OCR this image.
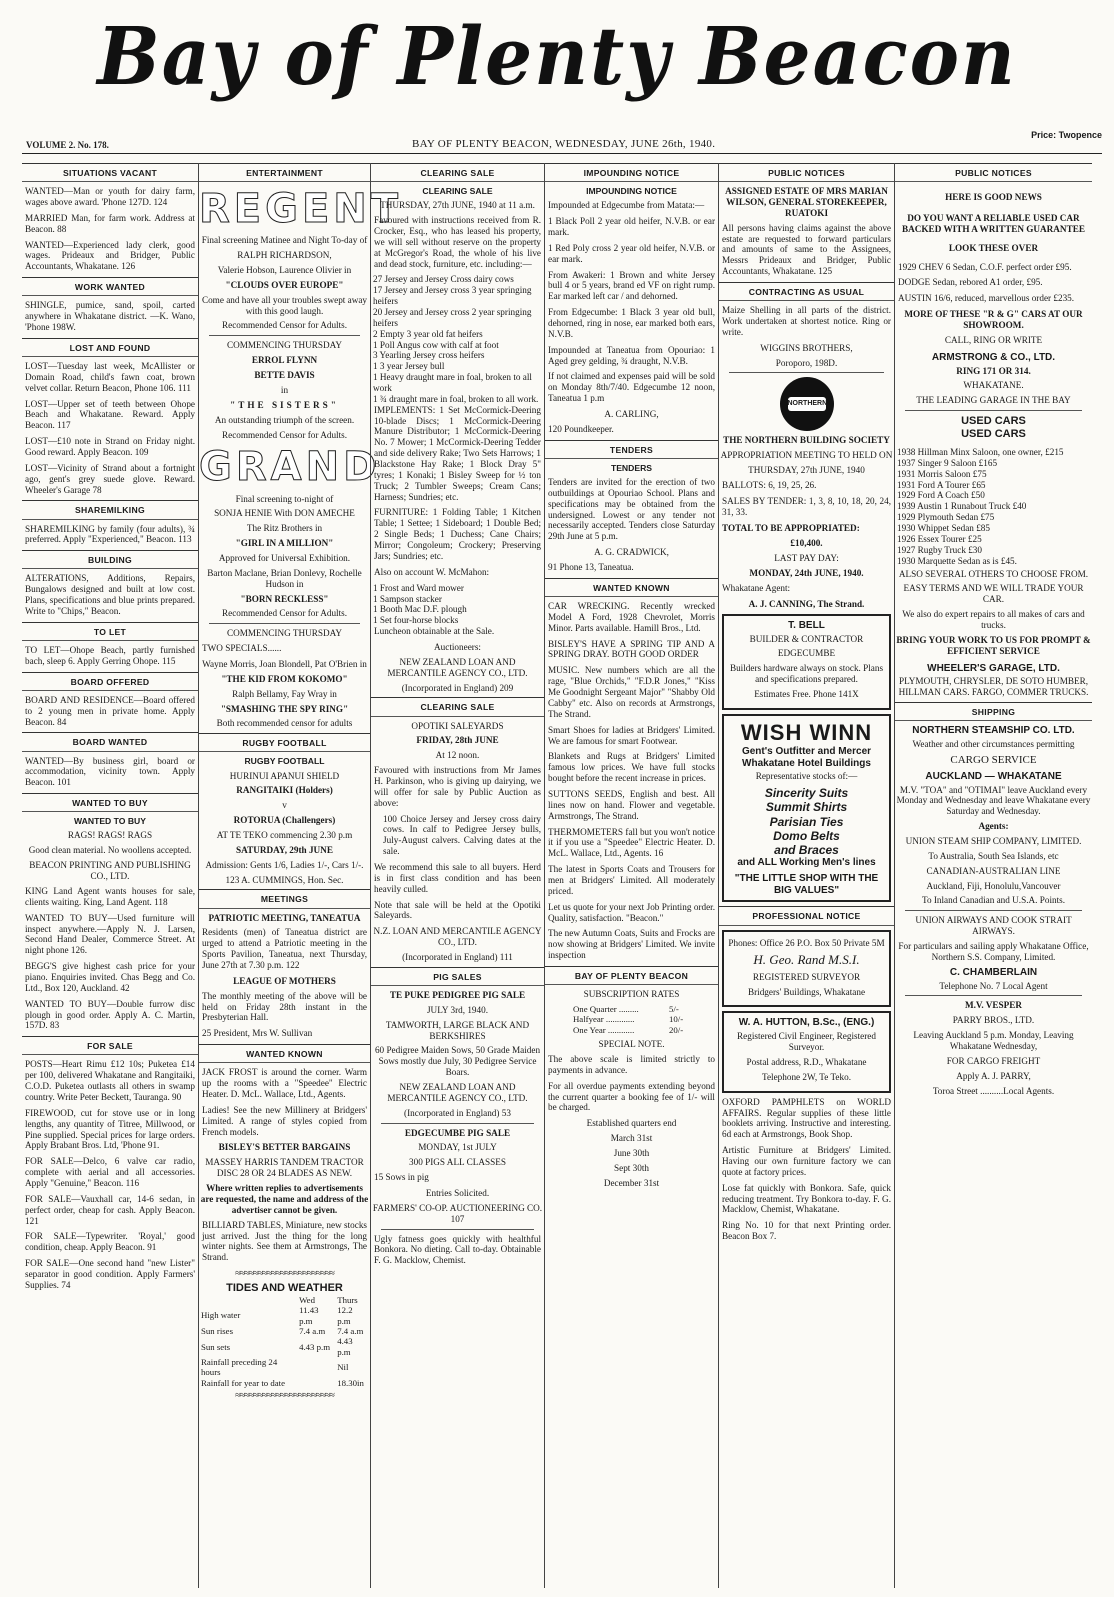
Bay of Plenty Beacon
VOLUME 2. No. 178.	BAY OF PLENTY BEACON, WEDNESDAY, JUNE 26th, 1940.
Price: Twopence
SITUATIONS VACANT
WANTED—Man or youth for dairy farm, wages above award. 'Phone 127D. 124
MARRIED Man, for farm work. Address at Beacon. 88
WANTED—Experienced lady clerk, good wages. Prideaux and Bridger, Public Accountants, Whakatane. 126
WORK WANTED
SHINGLE, pumice, sand, spoil, carted anywhere in Whakatane district. —K. Wano, 'Phone 198W.
LOST AND FOUND
LOST—Tuesday last week, McAllister or Domain Road, child's fawn coat, brown velvet collar. Return Beacon, Phone 106. 111
LOST—Upper set of teeth between Ohope Beach and Whakatane. Reward. Apply Beacon. 117
LOST—£10 note in Strand on Friday night. Good reward. Apply Beacon. 109
LOST—Vicinity of Strand about a fortnight ago, gent's grey suede glove. Reward. Wheeler's Garage 78
SHAREMILKING
SHAREMILKING by family (four adults), ¾ preferred. Apply "Experienced," Beacon. 113
BUILDING
ALTERATIONS, Additions, Repairs, Bungalows designed and built at low cost. Plans, specifications and blue prints prepared. Write to "Chips," Beacon.
TO LET
TO LET—Ohope Beach, partly furnished bach, sleep 6. Apply Gerring Ohope. 115
BOARD OFFERED
BOARD AND RESIDENCE—Board offered to 2 young men in private home. Apply Beacon. 84
BOARD WANTED
WANTED—By business girl, board or accommodation, vicinity town. Apply Beacon. 101
WANTED TO BUY
WANTED TO BUY
RAGS! RAGS! RAGS
Good clean material. No woollens accepted.
BEACON PRINTING AND PUBLISHING CO., LTD.
KING Land Agent wants houses for sale, clients waiting. King, Land Agent. 118
WANTED TO BUY—Used furniture will inspect anywhere.—Apply N. J. Larsen, Second Hand Dealer, Commerce Street. At night phone 126.
BEGG'S give highest cash price for your piano. Enquiries invited. Chas Begg and Co. Ltd., Box 120, Auckland. 42
WANTED TO BUY—Double furrow disc plough in good order. Apply A. C. Martin, 157D. 83
FOR SALE
POSTS—Heart Rimu £12 10s; Puketea £14 per 100, delivered Whakatane and Rangitaiki, C.O.D. Puketea outlasts all others in swamp country. Write Peter Beckett, Tauranga. 90
FIREWOOD, cut for stove use or in long lengths, any quantity of Titree, Millwood, or Pine supplied. Special prices for large orders. Apply Brabant Bros. Ltd, 'Phone 91.
FOR SALE—Delco, 6 valve car radio, complete with aerial and all accessories. Apply "Genuine," Beacon. 116
FOR SALE—Vauxhall car, 14-6 sedan, in perfect order, cheap for cash. Apply Beacon. 121
FOR SALE—Typewriter. 'Royal,' good condition, cheap. Apply Beacon. 91
FOR SALE—One second hand "new Lister" separator in good condition. Apply Farmers' Supplies. 74
ENTERTAINMENT
REGENT
Final screening Matinee and Night To-day of
RALPH RICHARDSON,
Valerie Hobson, Laurence Olivier in
"CLOUDS OVER EUROPE"
Come and have all your troubles swept away with this good laugh.
Recommended Censor for Adults.
COMMENCING THURSDAY
ERROL FLYNN
BETTE DAVIS
in
"THE SISTERS"
An outstanding triumph of the screen.
Recommended Censor for Adults.
GRAND
Final screening to-night of
SONJA HENIE With DON AMECHE
The Ritz Brothers in
"GIRL IN A MILLION"
Approved for Universal Exhibition.
Barton Maclane, Brian Donlevy, Rochelle Hudson in
"BORN RECKLESS"
Recommended Censor for Adults.
COMMENCING THURSDAY
TWO SPECIALS......
Wayne Morris, Joan Blondell, Pat O'Brien in
"THE KID FROM KOKOMO"
Ralph Bellamy, Fay Wray in
"SMASHING THE SPY RING"
Both recommended censor for adults
RUGBY FOOTBALL
RUGBY FOOTBALL
HURINUI APANUI SHIELD
RANGITAIKI (Holders)
v
ROTORUA (Challengers)
AT TE TEKO commencing 2.30 p.m
SATURDAY, 29th JUNE
Admission: Gents 1/6, Ladies 1/-, Cars 1/-.
123 A. CUMMINGS, Hon. Sec.
MEETINGS
PATRIOTIC MEETING, TANEATUA
Residents (men) of Taneatua district are urged to attend a Patriotic meeting in the Sports Pavilion, Taneatua, next Thursday, June 27th at 7.30 p.m. 122
LEAGUE OF MOTHERS
The monthly meeting of the above will be held on Friday 28th instant in the Presbyterian Hall.
25 President, Mrs W. Sullivan
WANTED KNOWN
JACK FROST is around the corner. Warm up the rooms with a "Speedee" Electric Heater. D. McL. Wallace, Ltd., Agents.
Ladies! See the new Millinery at Bridgers' Limited. A range of styles copied from French models.
BISLEY'S BETTER BARGAINS
MASSEY HARRIS TANDEM TRACTOR DISC 28 OR 24 BLADES AS NEW.
Where written replies to advertisements are requested, the name and address of the advertiser cannot be given.
BILLIARD TABLES, Miniature, new stocks just arrived. Just the thing for the long winter nights. See them at Armstrongs, The Strand.
≈≈≈≈≈≈≈≈≈≈≈≈≈≈≈≈≈≈≈≈≈≈
TIDES AND WEATHER
	Wed	Thurs
High water	11.43 p.m	12.2 p.m
Sun rises	7.4 a.m	7.4 a.m
Sun sets	4.43 p.m	4.43 p.m
Rainfall preceding 24 hours		Nil
Rainfall for year to date		18.30in
≈≈≈≈≈≈≈≈≈≈≈≈≈≈≈≈≈≈≈≈≈≈
CLEARING SALE
CLEARING SALE
THURSDAY, 27th JUNE, 1940 at 11 a.m.
Favoured with instructions received from R. Crocker, Esq., who has leased his property, we will sell without reserve on the property at McGregor's Road, the whole of his live and dead stock, furniture, etc. including:—
27 Jersey and Jersey Cross dairy cows
17 Jersey and Jersey cross 3 year springing heifers
20 Jersey and Jersey cross 2 year springing heifers
2 Empty 3 year old fat heifers
1 Poll Angus cow with calf at foot
3 Yearling Jersey cross heifers
1 3 year Jersey bull
1 Heavy draught mare in foal, broken to all work
1 ¾ draught mare in foal, broken to all work.
IMPLEMENTS: 1 Set McCormick-Deering 10-blade Discs; 1 McCormick-Deering Manure Distributor; 1 McCormick-Deering No. 7 Mower; 1 McCormick-Deering Tedder and side delivery Rake; Two Sets Harrows; 1 Blackstone Hay Rake; 1 Block Dray 5" tyres; 1 Konaki; 1 Bisley Sweep for ½ ton Truck; 2 Tumbler Sweeps; Cream Cans; Harness; Sundries; etc.
FURNITURE: 1 Folding Table; 1 Kitchen Table; 1 Settee; 1 Sideboard; 1 Double Bed; 2 Single Beds; 1 Duchess; Cane Chairs; Mirror; Congoleum; Crockery; Preserving Jars; Sundries; etc.
Also on account W. McMahon:
1 Frost and Ward mower
1 Sampson stacker
1 Booth Mac D.F. plough
1 Set four-horse blocks
Luncheon obtainable at the Sale.
Auctioneers:
NEW ZEALAND LOAN AND MERCANTILE AGENCY CO., LTD.
(Incorporated in England) 209
CLEARING SALE
OPOTIKI SALEYARDS
FRIDAY, 28th JUNE
At 12 noon.
Favoured with instructions from Mr James H. Parkinson, who is giving up dairying, we will offer for sale by Public Auction as above:
100 Choice Jersey and Jersey cross dairy cows. In calf to Pedigree Jersey bulls, July-August calvers. Calving dates at the sale.
We recommend this sale to all buyers. Herd is in first class condition and has been heavily culled.
Note that sale will be held at the Opotiki Saleyards.
N.Z. LOAN AND MERCANTILE AGENCY CO., LTD.
(Incorporated in England) 111
PIG SALES
TE PUKE PEDIGREE PIG SALE
JULY 3rd, 1940.
TAMWORTH, LARGE BLACK AND BERKSHIRES
60 Pedigree Maiden Sows, 50 Grade Maiden Sows mostly due July, 30 Pedigree Service Boars.
NEW ZEALAND LOAN AND MERCANTILE AGENCY CO., LTD.
(Incorporated in England) 53
EDGECUMBE PIG SALE
MONDAY, 1st JULY
300 PIGS ALL CLASSES
15 Sows in pig
Entries Solicited.
FARMERS' CO-OP. AUCTIONEERING CO. 107
Ugly fatness goes quickly with healthful Bonkora. No dieting. Call to-day. Obtainable F. G. Macklow, Chemist.
IMPOUNDING NOTICE
IMPOUNDING NOTICE
Impounded at Edgecumbe from Matata:—
1 Black Poll 2 year old heifer, N.V.B. or ear mark.
1 Red Poly cross 2 year old heifer, N.V.B. or ear mark.
From Awakeri: 1 Brown and white Jersey bull 4 or 5 years, brand ed VF on right rump. Ear marked left car / and dehorned.
From Edgecumbe: 1 Black 3 year old bull, dehorned, ring in nose, ear marked both ears, N.V.B.
Impounded at Taneatua from Opouriao: 1 Aged grey gelding, ¾ draught, N.V.B.
If not claimed and expenses paid will be sold on Monday 8th/7/40. Edgecumbe 12 noon, Taneatua 1 p.m
A. CARLING,
120 Poundkeeper.
TENDERS
TENDERS
Tenders are invited for the erection of two outbuildings at Opouriao School. Plans and specifications may be obtained from the undersigned. Lowest or any tender not necessarily accepted. Tenders close Saturday 29th June at 5 p.m.
A. G. CRADWICK,
91 Phone 13, Taneatua.
WANTED KNOWN
CAR WRECKING. Recently wrecked Model A Ford, 1928 Chevrolet, Morris Minor. Parts available. Hamill Bros., Ltd.
BISLEY'S HAVE A SPRING TIP AND A SPRING DRAY. BOTH GOOD ORDER
MUSIC. New numbers which are all the rage, "Blue Orchids," "F.D.R Jones," "Kiss Me Goodnight Sergeant Major" "Shabby Old Cabby" etc. Also on records at Armstrongs, The Strand.
Smart Shoes for ladies at Bridgers' Limited. We are famous for smart Footwear.
Blankets and Rugs at Bridgers' Limited famous low prices. We have full stocks bought before the recent increase in prices.
SUTTONS SEEDS, English and best. All lines now on hand. Flower and vegetable. Armstrongs, The Strand.
THERMOMETERS fall but you won't notice it if you use a "Speedee" Electric Heater. D. McL. Wallace, Ltd., Agents. 16
The latest in Sports Coats and Trousers for men at Bridgers' Limited. All moderately priced.
Let us quote for your next Job Printing order. Quality, satisfaction. "Beacon."
The new Autumn Coats, Suits and Frocks are now showing at Bridgers' Limited. We invite inspection
BAY OF PLENTY BEACON
SUBSCRIPTION RATES
One Quarter .........	5/-
Halfyear .............	10/-
One Year ............	20/-
SPECIAL NOTE.
The above scale is limited strictly to payments in advance.
For all overdue payments extending beyond the current quarter a booking fee of 1/- will be charged.
Established quarters end
March 31st
June 30th
Sept 30th
December 31st
PUBLIC NOTICES
ASSIGNED ESTATE OF MRS MARIAN WILSON, GENERAL STOREKEEPER, RUATOKI
All persons having claims against the above estate are requested to forward particulars and amounts of same to the Assignees, Messrs Prideaux and Bridger, Public Accountants, Whakatane. 125
CONTRACTING AS USUAL
Maize Shelling in all parts of the district. Work undertaken at shortest notice. Ring or write.
WIGGINS BROTHERS,
Poroporo, 198D.
NORTHERN
THE NORTHERN BUILDING SOCIETY
APPROPRIATION MEETING TO HELD ON
THURSDAY, 27th JUNE, 1940
BALLOTS: 6, 19, 25, 26.
SALES BY TENDER: 1, 3, 8, 10, 18, 20, 24, 31, 33.
TOTAL TO BE APPROPRIATED:
£10,400.
LAST PAY DAY:
MONDAY, 24th JUNE, 1940.
Whakatane Agent:
A. J. CANNING, The Strand.
T. BELL
BUILDER & CONTRACTOR
EDGECUMBE
Builders hardware always on stock. Plans and specifications prepared.
Estimates Free. Phone 141X
WISH WINN
Gent's Outfitter and Mercer
Whakatane Hotel Buildings
Representative stocks of:—
Sincerity Suits
Summit Shirts
Parisian Ties
Domo Belts
and Braces
and ALL Working Men's lines
"THE LITTLE SHOP WITH THE BIG VALUES"
PROFESSIONAL NOTICE
Phones: Office 26 P.O. Box 50 Private 5M
H. Geo. Rand M.S.I.
REGISTERED SURVEYOR
Bridgers' Buildings, Whakatane
W. A. HUTTON, B.Sc., (ENG.)
Registered Civil Engineer, Registered Surveyor.
Postal address, R.D., Whakatane
Telephone 2W, Te Teko.
OXFORD PAMPHLETS on WORLD AFFAIRS. Regular supplies of these little booklets arriving. Instructive and interesting. 6d each at Armstrongs, Book Shop.
Artistic Furniture at Bridgers' Limited. Having our own furniture factory we can quote at factory prices.
Lose fat quickly with Bonkora. Safe, quick reducing treatment. Try Bonkora to-day. F. G. Macklow, Chemist, Whakatane.
Ring No. 10 for that next Printing order. Beacon Box 7.
PUBLIC NOTICES
HERE IS GOOD NEWS
DO YOU WANT A RELIABLE USED CAR BACKED WITH A WRITTEN GUARANTEE
LOOK THESE OVER
1929 CHEV 6 Sedan, C.O.F. perfect order £95.
DODGE Sedan, rebored A1 order, £95.
AUSTIN 16/6, reduced, marvellous order £235.
MORE OF THESE "R & G" CARS AT OUR SHOWROOM.
CALL, RING OR WRITE
ARMSTRONG & CO., LTD.
RING 171 OR 314.
WHAKATANE.
THE LEADING GARAGE IN THE BAY
USED CARS
USED CARS
1938 Hillman Minx Saloon, one owner, £215
1937 Singer 9 Saloon £165
1931 Morris Saloon £75
1931 Ford A Tourer £65
1929 Ford A Coach £50
1939 Austin 1 Runabout Truck £40
1929 Plymouth Sedan £75
1930 Whippet Sedan £85
1926 Essex Tourer £25
1927 Rugby Truck £30
1930 Marquette Sedan as is £45.
ALSO SEVERAL OTHERS TO CHOOSE FROM.
EASY TERMS AND WE WILL TRADE YOUR CAR.
We also do expert repairs to all makes of cars and trucks.
BRING YOUR WORK TO US FOR PROMPT & EFFICIENT SERVICE
WHEELER'S GARAGE, LTD.
PLYMOUTH, CHRYSLER, DE SOTO HUMBER, HILLMAN CARS. FARGO, COMMER TRUCKS.
SHIPPING
NORTHERN STEAMSHIP CO. LTD.
Weather and other circumstances permitting
CARGO SERVICE
AUCKLAND — WHAKATANE
M.V. "TOA" and "OTIMAI" leave Auckland every Monday and Wednesday and leave Whakatane every Saturday and Wednesday.
Agents:
UNION STEAM SHIP COMPANY, LIMITED.
To Australia, South Sea Islands, etc
CANADIAN-AUSTRALIAN LINE
Auckland, Fiji, Honolulu,Vancouver
To Inland Canadian and U.S.A. Points.
UNION AIRWAYS AND COOK STRAIT AIRWAYS.
For particulars and sailing apply Whakatane Office, Northern S.S. Company, Limited.
C. CHAMBERLAIN
Telephone No. 7 Local Agent
M.V. VESPER
PARRY BROS., LTD.
Leaving Auckland 5 p.m. Monday, Leaving Whakatane Wednesday,
FOR CARGO FREIGHT
Apply A. J. PARRY,
Toroa Street ..........Local Agents.
